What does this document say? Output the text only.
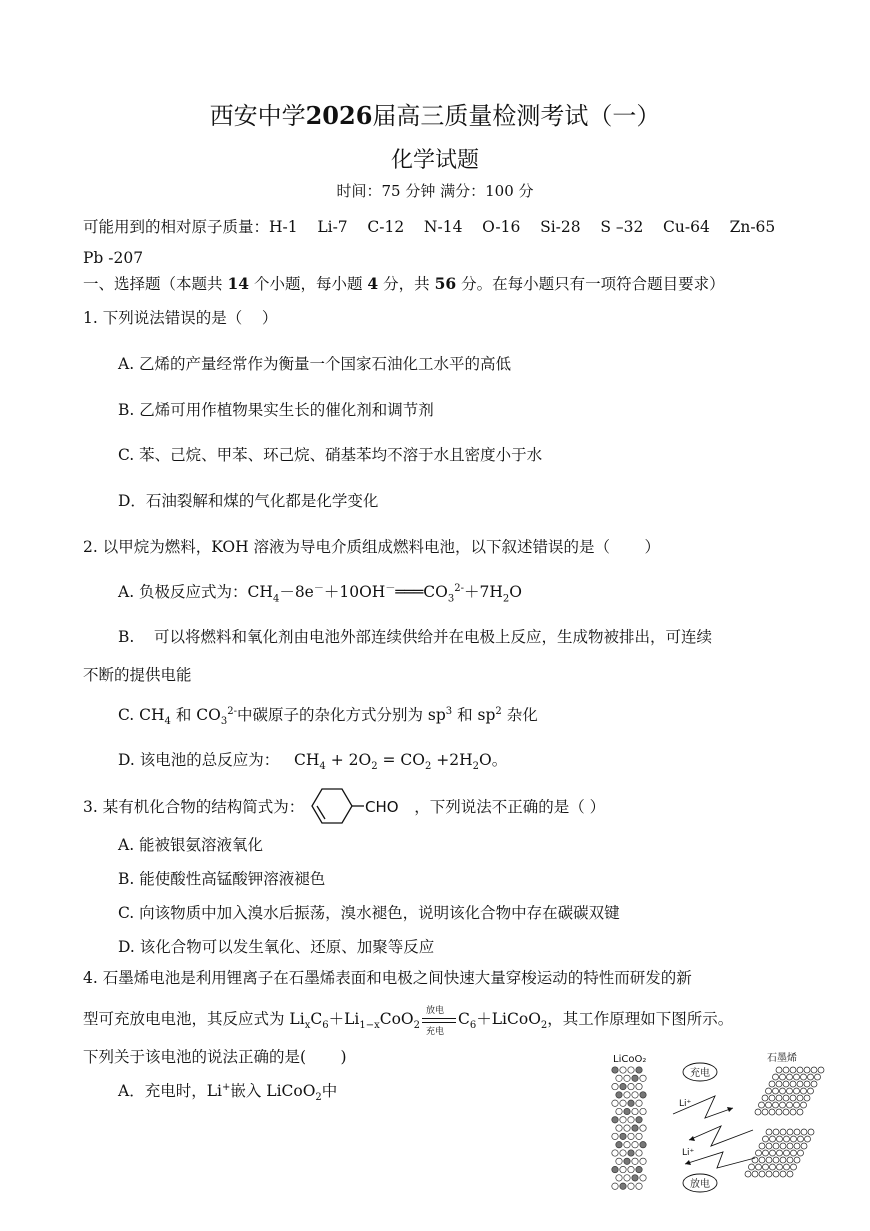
西安中学2026届高三质量检测考试（一）
化学试题
时间：75 分钟 满分：100 分
可能用到的相对原子质量：H-1    Li-7    C-12    N-14    O-16    Si-28    S –32    Cu-64    Zn-65
Pb -207
一、选择题（本题共 14 个小题，每小题 4 分，共 56 分。在每小题只有一项符合题目要求）
1. 下列说法错误的是（    ）
A. 乙烯的产量经常作为衡量一个国家石油化工水平的高低
B. 乙烯可用作植物果实生长的催化剂和调节剂
C. 苯、己烷、甲苯、环己烷、硝基苯均不溶于水且密度小于水
D．石油裂解和煤的气化都是化学变化
2. 以甲烷为燃料，KOH 溶液为导电介质组成燃料电池，以下叙述错误的是（       ）
A. 负极反应式为：$CH_4-8e^-+10OH^-═══CO_3^{2-}+7H_2O$
B.    可以将燃料和氧化剂由电池外部连续供给并在电极上反应，生成物被排出，可连续
不断的提供电能
C. $CH_4$ 和 $CO_3^{2-}$中碳原子的杂化方式分别为 $sp^3$ 和 $sp^2$ 杂化
D. 该电池的总反应为：   $CH_4 + 2O_2 = CO_2 +2H_2O$。
3. 某有机化合物的结构简式为：	CHO ，下列说法不正确的是（ ）
A. 能被银氨溶液氧化
B. 能使酸性高锰酸钾溶液褪色
C. 向该物质中加入溴水后振荡，溴水褪色，说明该化合物中存在碳碳双键
D. 该化合物可以发生氧化、还原、加聚等反应
4. 石墨烯电池是利用锂离子在石墨烯表面和电极之间快速大量穿梭运动的特性而研发的新
型可充放电电池，其反应式为 $Li_xC_6+Li_{1-x}CoO_2$
放电
充电
$C_6+LiCoO_2$，其工作原理如下图所示。
下列关于该电池的说法正确的是(       )
A．充电时，Li+嵌入 LiCoO$_2$中
LiCoO₂	石墨烯
充电
放电
Li⁺
Li⁺
